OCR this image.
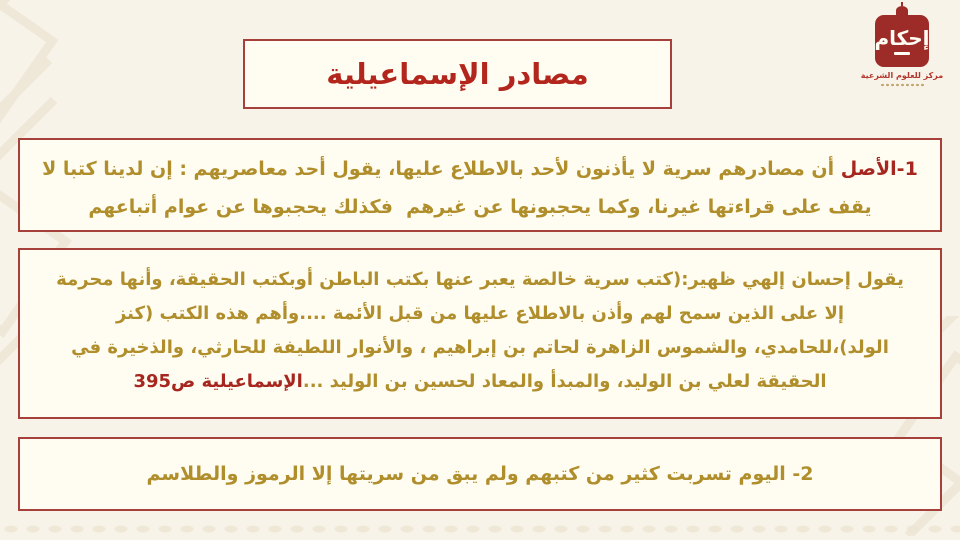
إحكام
مركز للعلوم الشرعية
مصادر الإسماعيلية

1-الأصل أن مصادرهم سرية لا يأذنون لأحد بالاطلاع عليها، يقول أحد معاصريهم : إن لدينا كتبا لا

يقف على قراءتها غيرنا، وكما يحجبونها عن غيرهم  فكذلك يحجبوها عن عوام أتباعهم

يقول إحسان إلهي ظهير:(كتب سرية خالصة يعبر عنها بكتب الباطن أوبكتب الحقيقة، وأنها محرمة

إلا على الذين سمح لهم وأذن بالاطلاع عليها من قبل الأئمة ....وأهم هذه الكتب (كنز

الولد)،للحامدي، والشموس الزاهرة لحاتم بن إبراهيم ، والأنوار اللطيفة للحارثي، والذخيرة في

الحقيقة لعلي بن الوليد، والمبدأ والمعاد لحسين بن الوليد ...الإسماعيلية ص395

2- اليوم تسربت كثير من كتبهم ولم يبق من سريتها إلا الرموز والطلاسم
